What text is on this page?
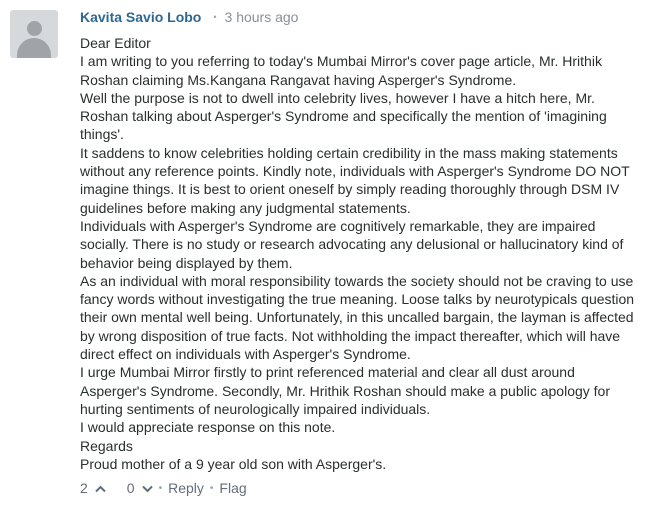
Kavita Savio Lobo • 3 hours ago

Dear Editor

I am writing to you referring to today's Mumbai Mirror's cover page article, Mr. Hrithik Roshan claiming Ms.Kangana Rangavat having Asperger's Syndrome.

Well the purpose is not to dwell into celebrity lives, however I have a hitch here, Mr. Roshan talking about Asperger's Syndrome and specifically the mention of 'imagining things'.

It saddens to know celebrities holding certain credibility in the mass making statements without any reference points. Kindly note, individuals with Asperger's Syndrome DO NOT imagine things. It is best to orient oneself by simply reading thoroughly through DSM IV guidelines before making any judgmental statements.

Individuals with Asperger's Syndrome are cognitively remarkable, they are impaired socially. There is no study or research advocating any delusional or hallucinatory kind of behavior being displayed by them.

As an individual with moral responsibility towards the society should not be craving to use fancy words without investigating the true meaning. Loose talks by neurotypicals question their own mental well being. Unfortunately, in this uncalled bargain, the layman is affected by wrong disposition of true facts. Not withholding the impact thereafter, which will have direct effect on individuals with Asperger's Syndrome.

I urge Mumbai Mirror firstly to print referenced material and clear all dust around Asperger's Syndrome. Secondly, Mr. Hrithik Roshan should make a public apology for hurting sentiments of neurologically impaired individuals.

I would appreciate response on this note.

Regards

Proud mother of a 9 year old son with Asperger's.

2	0 • Reply • Flag
